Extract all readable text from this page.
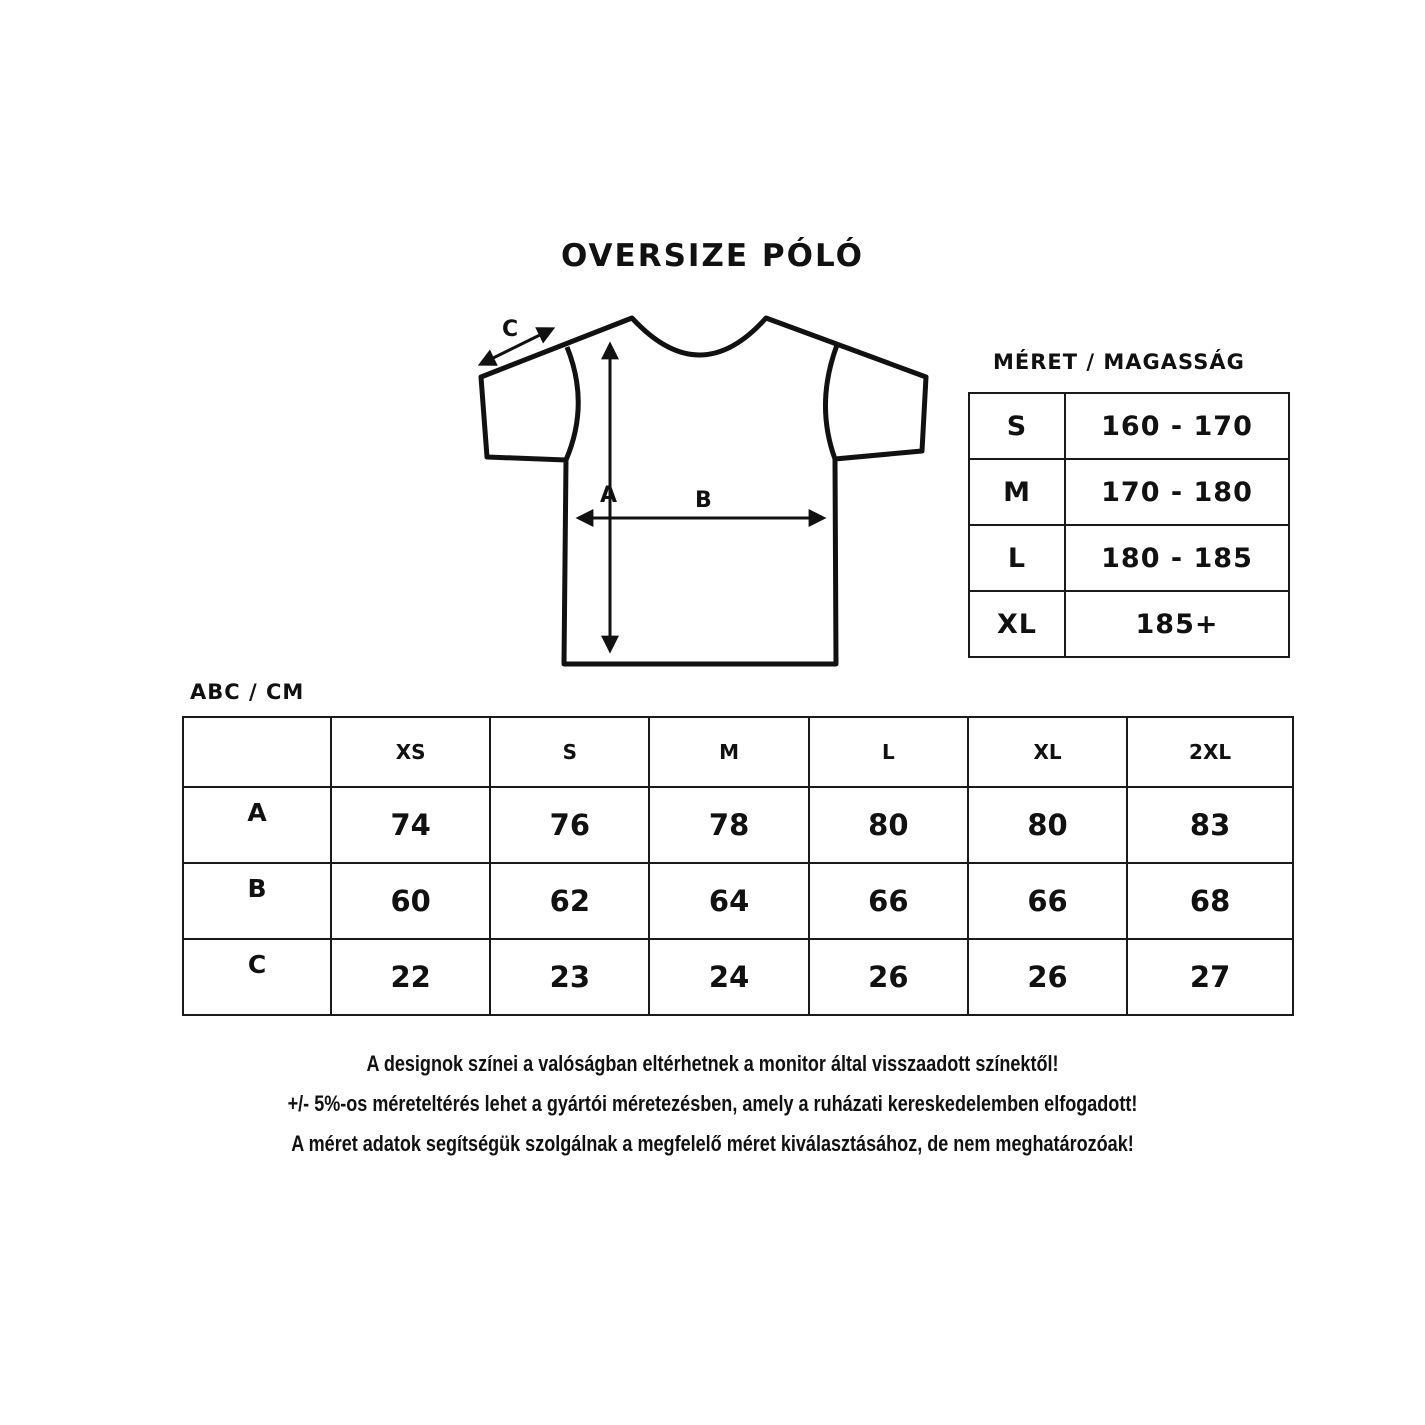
OVERSIZE PÓLÓ
C
A	B
MÉRET / MAGASSÁG
S	160 - 170
M	170 - 180
L	180 - 185
XL	185+
ABC / CM
	XS	S	M	L	XL	2XL
A	74	76	78	80	80	83
B	60	62	64	66	66	68
C	22	23	24	26	26	27
A designok színei a valóságban eltérhetnek a monitor által visszaadott színektől!
+/- 5%-os méreteltérés lehet a gyártói méretezésben, amely a ruházati kereskedelemben elfogadott!
A méret adatok segítségük szolgálnak a megfelelő méret kiválasztásához, de nem meghatározóak!
